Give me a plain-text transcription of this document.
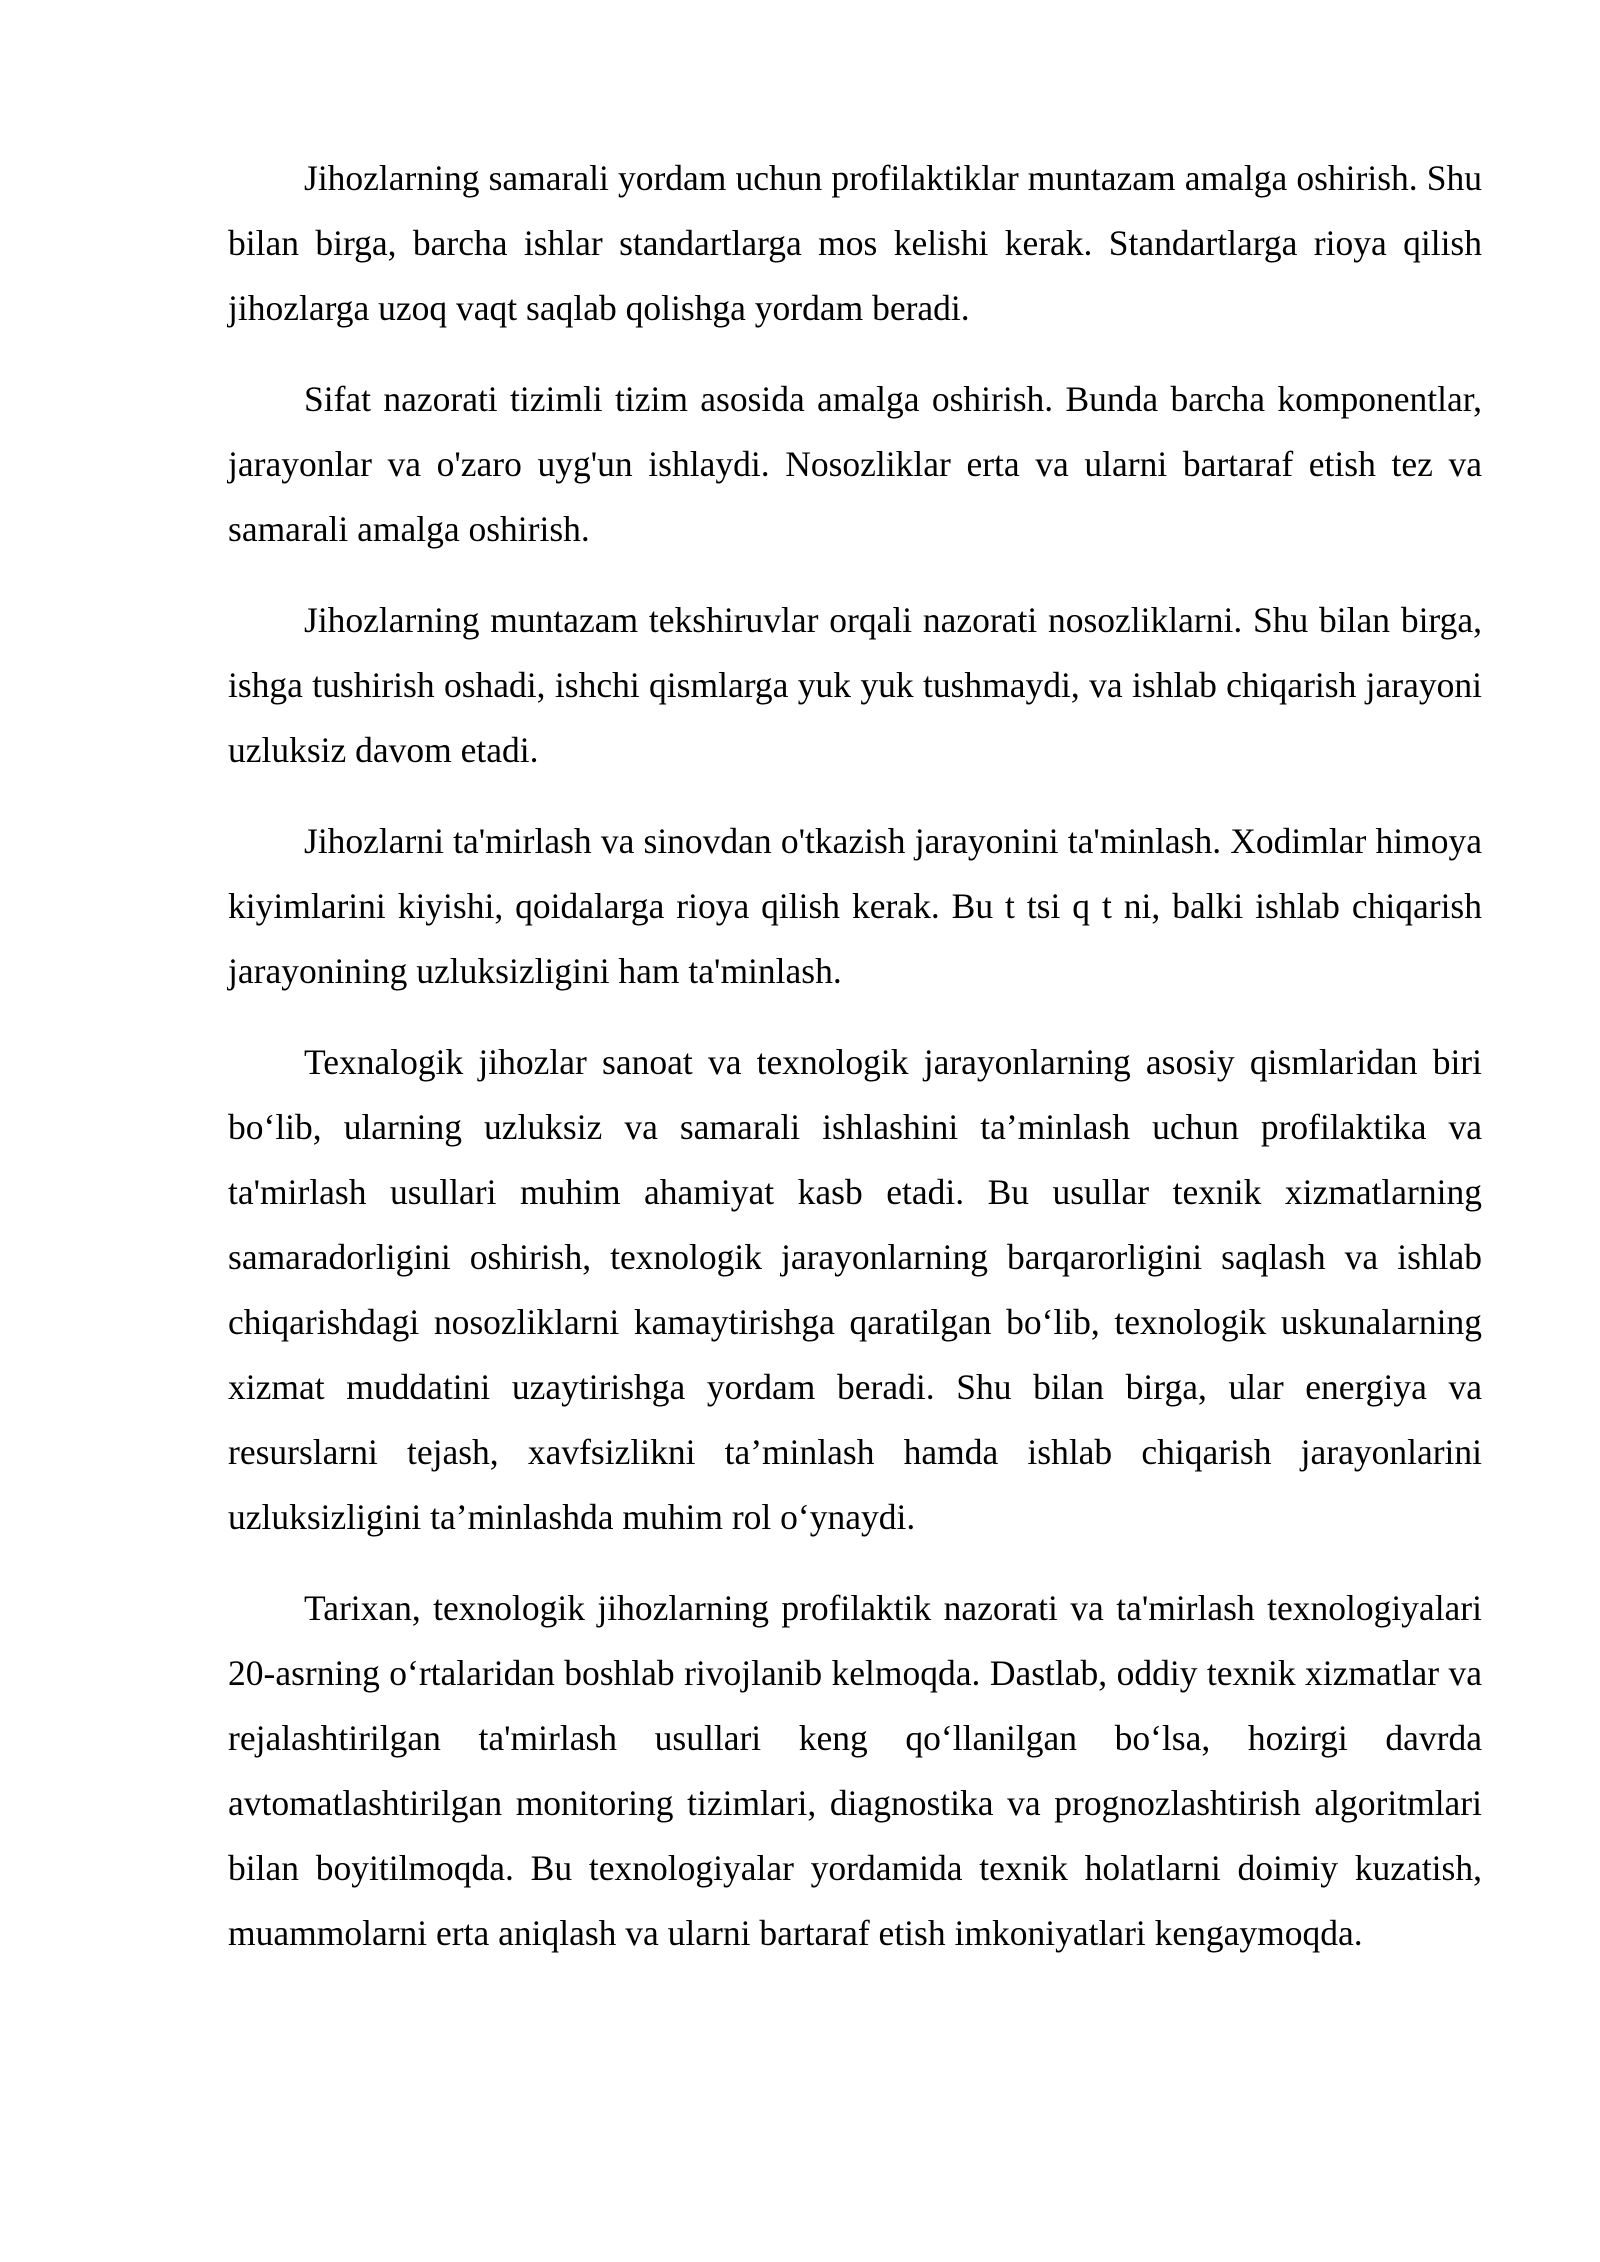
Jihozlarning samarali yordam uchun profilaktiklar muntazam amalga oshirish. Shu bilan birga, barcha ishlar standartlarga mos kelishi kerak. Standartlarga rioya qilish jihozlarga uzoq vaqt saqlab qolishga yordam beradi.

Sifat nazorati tizimli tizim asosida amalga oshirish. Bunda barcha komponentlar, jarayonlar va o'zaro uyg'un ishlaydi. Nosozliklar erta va ularni bartaraf etish tez va samarali amalga oshirish.

Jihozlarning muntazam tekshiruvlar orqali nazorati nosozliklarni. Shu bilan birga, ishga tushirish oshadi, ishchi qismlarga yuk yuk tushmaydi, va ishlab chiqarish jarayoni uzluksiz davom etadi.

Jihozlarni ta'mirlash va sinovdan o'tkazish jarayonini ta'minlash. Xodimlar himoya kiyimlarini kiyishi, qoidalarga rioya qilish kerak. Bu t tsi q t ni, balki ishlab chiqarish jarayonining uzluksizligini ham ta'minlash.

Texnalogik jihozlar sanoat va texnologik jarayonlarning asosiy qismlaridan biri bo‘lib, ularning uzluksiz va samarali ishlashini ta’minlash uchun profilaktika va ta'mirlash usullari muhim ahamiyat kasb etadi. Bu usullar texnik xizmatlarning samaradorligini oshirish, texnologik jarayonlarning barqarorligini saqlash va ishlab chiqarishdagi nosozliklarni kamaytirishga qaratilgan bo‘lib, texnologik uskunalarning xizmat muddatini uzaytirishga yordam beradi. Shu bilan birga, ular energiya va resurslarni tejash, xavfsizlikni ta’minlash hamda ishlab chiqarish jarayonlarini uzluksizligini ta’minlashda muhim rol o‘ynaydi.

Tarixan, texnologik jihozlarning profilaktik nazorati va ta'mirlash texnologiyalari 20-asrning o‘rtalaridan boshlab rivojlanib kelmoqda. Dastlab, oddiy texnik xizmatlar va rejalashtirilgan ta'mirlash usullari keng qo‘llanilgan bo‘lsa, hozirgi davrda avtomatlashtirilgan monitoring tizimlari, diagnostika va prognozlashtirish algoritmlari bilan boyitilmoqda. Bu texnologiyalar yordamida texnik holatlarni doimiy kuzatish, muammolarni erta aniqlash va ularni bartaraf etish imkoniyatlari kengaymoqda.
